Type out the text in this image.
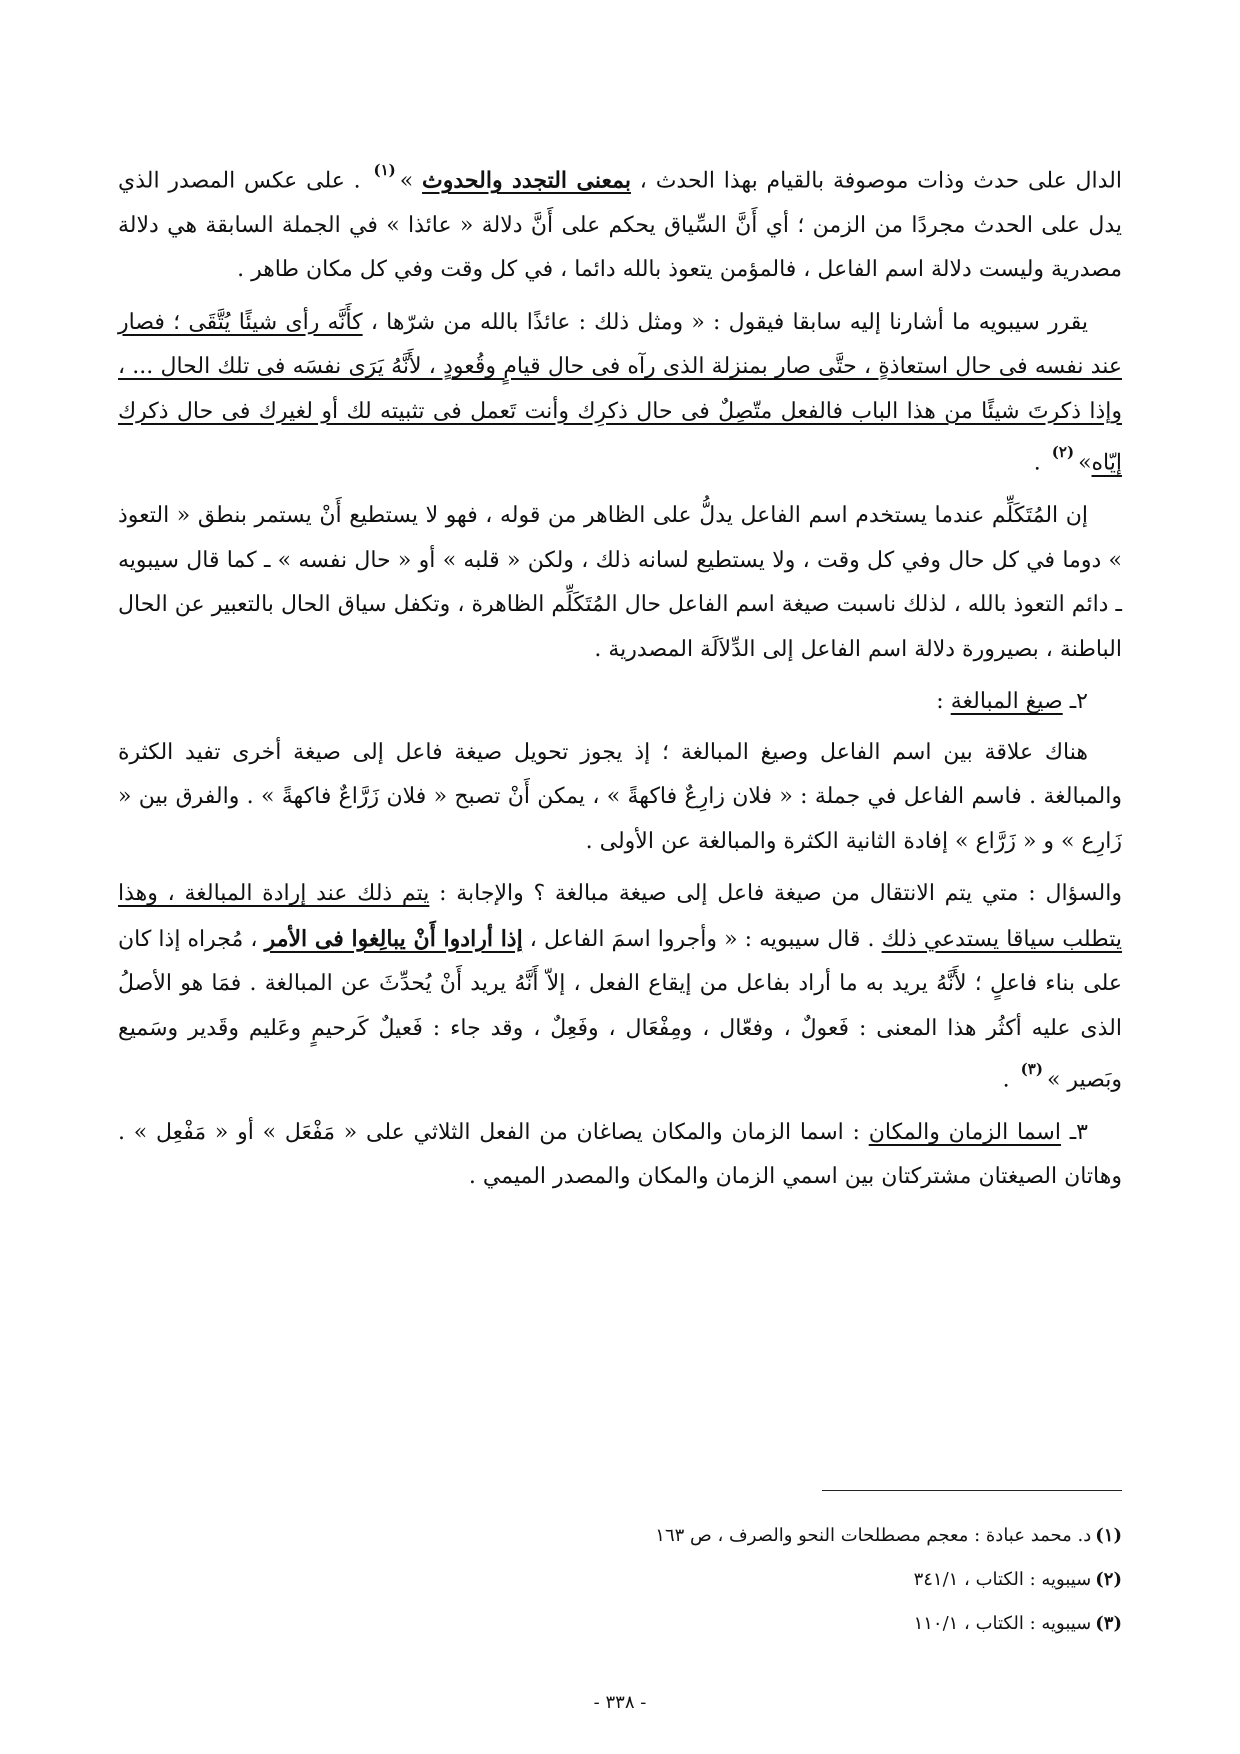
الدال على حدث وذات موصوفة بالقيام بهذا الحدث ، بمعنى التجدد والحدوث »$^{(١)}$ . على عكس المصدر الذي يدل على الحدث مجردًا من الزمن ؛ أي أَنَّ السِّياق يحكم على أَنَّ دلالة « عائذا » في الجملة السابقة هي دلالة مصدرية وليست دلالة اسم الفاعل ، فالمؤمن يتعوذ بالله دائما ، في كل وقت وفي كل مكان طاهر .

يقرر سيبويه ما أشارنا إليه سابقا فيقول : « ومثل ذلك : عائذًا بالله من شرّها ، كأَنَّه رأى شيئًا يُتَّقَى ؛ فصار عند نفسه فى حال استعاذةٍ ، حتَّى صار بمنزلة الذى رآه فى حال قيامٍ وقُعودٍ ، لأَنَّهُ يَرَى نفسَه فى تلك الحال ... ، وإذا ذكرتَ شيئًا من هذا الباب فالفعل متّصِلٌ فى حال ذكرِك وأنت تَعمل فى تثبيته لك أو لغيرك فى حال ذكرك إيّاه»$^{(٢)}$ .

إن المُتَكَلِّم عندما يستخدم اسم الفاعل يدلُّ على الظاهر من قوله ، فهو لا يستطيع أَنْ يستمر بنطق « التعوذ » دوما في كل حال وفي كل وقت ، ولا يستطيع لسانه ذلك ، ولكن « قلبه » أو « حال نفسه » ـ كما قال سيبويه ـ دائم التعوذ بالله ، لذلك ناسبت صيغة اسم الفاعل حال المُتَكَلِّم الظاهرة ، وتكفل سياق الحال بالتعبير عن الحال الباطنة ، بصيرورة دلالة اسم الفاعل إلى الدِّلاَلَة المصدرية .

٢ـ صيغ المبالغة :

هناك علاقة بين اسم الفاعل وصيغ المبالغة ؛ إذ يجوز تحويل صيغة فاعل إلى صيغة أخرى تفيد الكثرة والمبالغة . فاسم الفاعل في جملة : « فلان زارِعٌ فاكهةً » ، يمكن أَنْ تصبح « فلان زَرَّاعٌ فاكهةً » . والفرق بين « زَارِع » و « زَرَّاع » إفادة الثانية الكثرة والمبالغة عن الأولى .

والسؤال : متي يتم الانتقال من صيغة فاعل إلى صيغة مبالغة ؟ والإجابة : يتم ذلك عند إرادة المبالغة ، وهذا يتطلب سياقا يستدعي ذلك . قال سيبويه : « وأجروا اسمَ الفاعل ، إذا أرادوا أَنْ يبالِغوا فى الأمر ، مُجراه إذا كان على بناء فاعلٍ ؛ لأَنَّهُ يريد به ما أراد بفاعل من إيقاع الفعل ، إلاّ أَنَّهُ يريد أَنْ يُحدِّثَ عن المبالغة . فمَا هو الأصلُ الذى عليه أكثُر هذا المعنى : فَعولٌ ، وفعّال ، ومِفْعَال ، وفَعِلٌ ، وقد جاء : فَعيلٌ كَرحيمٍ وعَليم وقَدير وسَميع وبَصير »$^{(٣)}$ .

٣ـ اسما الزمان والمكان : اسما الزمان والمكان يصاغان من الفعل الثلاثي على « مَفْعَل » أو « مَفْعِل » . وهاتان الصيغتان مشتركتان بين اسمي الزمان والمكان والمصدر الميمي .

(١)د. محمد عبادة : معجم مصطلحات النحو والصرف ، ص ١٦٣
(٢)سيبويه : الكتاب ، ٣٤١/١
(٣)سيبويه : الكتاب ، ١١٠/١
- ٣٣٨ -
